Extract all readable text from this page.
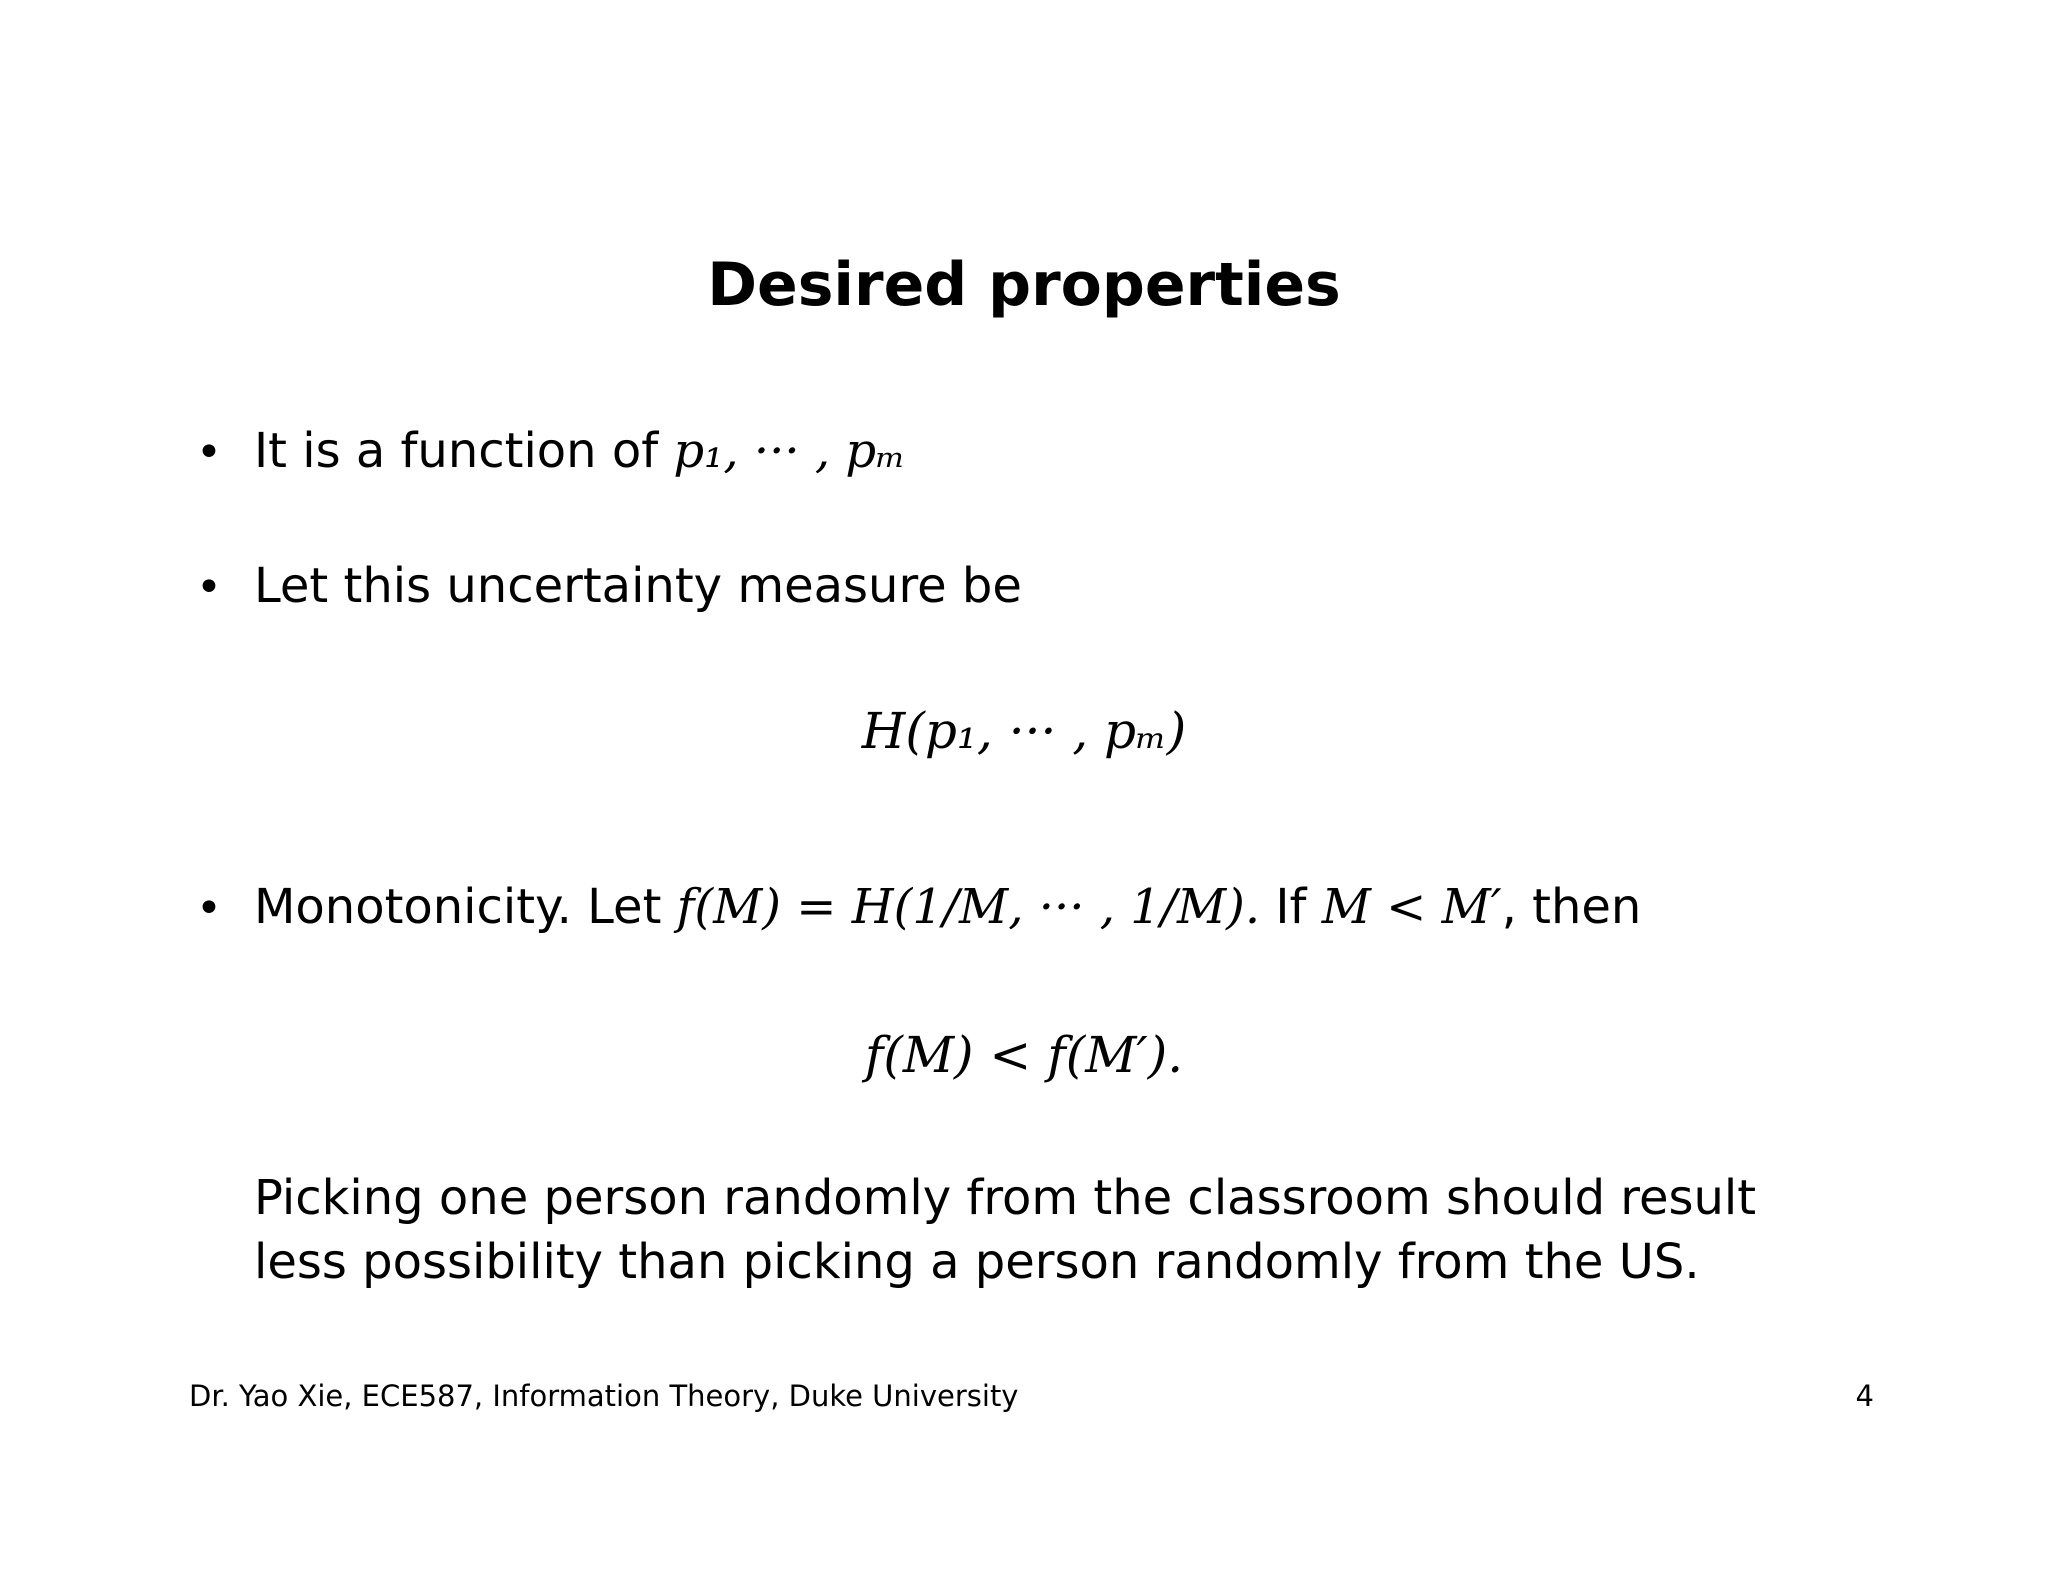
Desired properties
• It is a function of p₁, ··· , pₘ
• Let this uncertainty measure be
H(p₁, ··· , pₘ)
• Monotonicity. Let f(M) = H(1/M, ··· , 1/M). If M < M′, then
f(M) < f(M′).
Picking one person randomly from the classroom should result less possibility than picking a person randomly from the US.
Dr. Yao Xie, ECE587, Information Theory, Duke University	4
